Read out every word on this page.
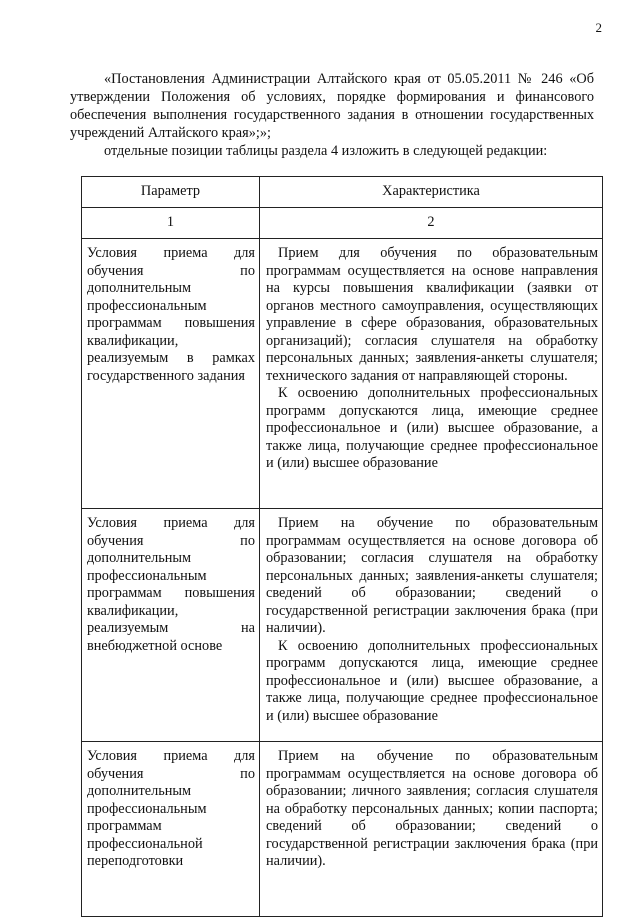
2

«Постановления Администрации Алтайского края от 05.05.2011 № 246 «Об утверждении Положения об условиях, порядке формирования и финансового обеспечения выполнения государственного задания в отношении государственных учреждений Алтайского края»;»;

отдельные позиции таблицы раздела 4 изложить в следующей редакции:

Параметр	Характеристика
1	2
Условия приема для обучения по дополнительным профессиональным программам повышения квалификации, реализуемым в рамках государственного задания	Прием для обучения по образовательным программам осуществляется на основе направления на курсы повышения квалификации (заявки от органов местного самоуправления, осуществляющих управление в сфере образования, образовательных организаций); согласия слушателя на обработку персональных данных; заявления-анкеты слушателя; технического задания от направляющей стороны.

К освоению дополнительных профессиональных программ допускаются лица, имеющие среднее профессиональное и (или) высшее образование, а также лица, получающие среднее профессиональное и (или) высшее образование

Условия приема для обучения по дополнительным профессиональным программам повышения квалификации, реализуемым на внебюджетной основе	Прием на обучение по образовательным программам осуществляется на основе договора об образовании; согласия слушателя на обработку персональных данных; заявления-анкеты слушателя; сведений об образовании; сведений о государственной регистрации заключения брака (при наличии).

К освоению дополнительных профессиональных программ допускаются лица, имеющие среднее профессиональное и (или) высшее образование, а также лица, получающие среднее профессиональное и (или) высшее образование

Условия приема для обучения по дополнительным профессиональным программам профессиональной переподготовки	Прием на обучение по образовательным программам осуществляется на основе договора об образовании; личного заявления; согласия слушателя на обработку персональных данных; копии паспорта; сведений об образовании; сведений о государственной регистрации заключения брака (при наличии).
